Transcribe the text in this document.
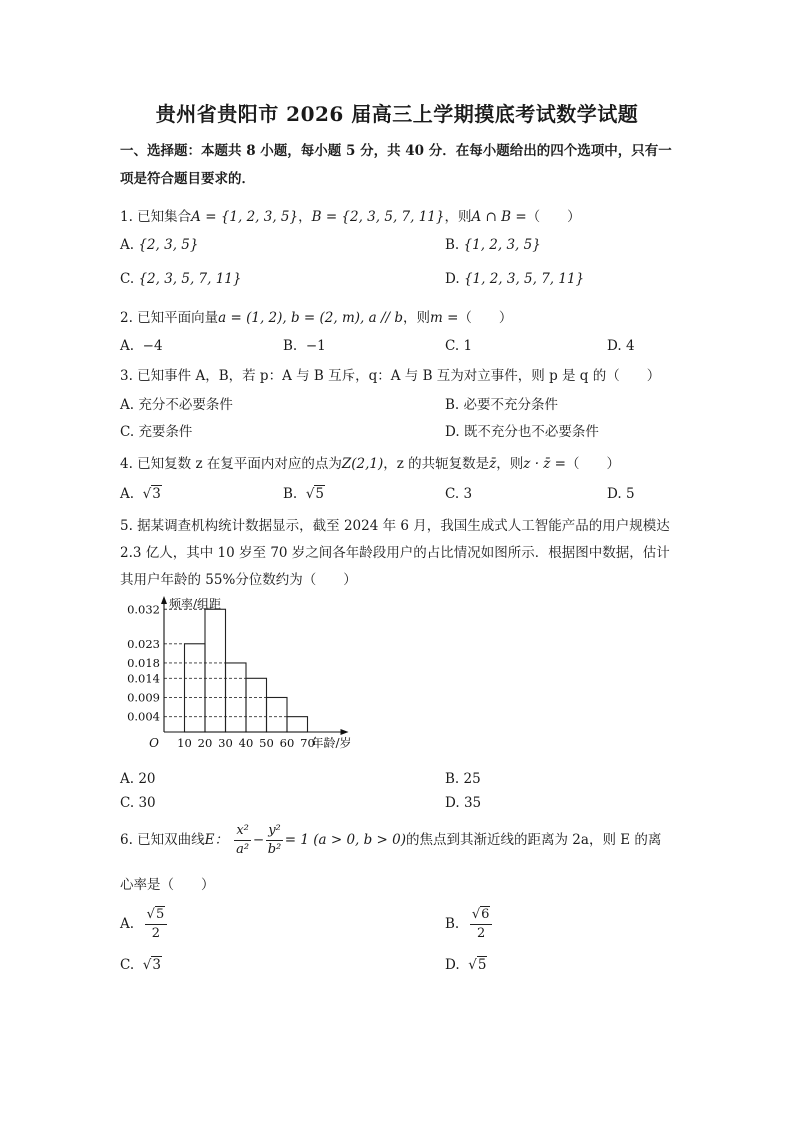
贵州省贵阳市 2026 届高三上学期摸底考试数学试题
一、选择题：本题共 8 小题，每小题 5 分，共 40 分．在每小题给出的四个选项中，只有一
项是符合题目要求的．
1. 已知集合A = {1, 2, 3, 5}，B = {2, 3, 5, 7, 11}，则A ∩ B =（　　）
A. {2, 3, 5}	B. {1, 2, 3, 5}
C. {2, 3, 5, 7, 11}	D. {1, 2, 3, 5, 7, 11}
2. 已知平面向量a = (1, 2), b = (2, m), a // b，则m =（　　）
A. −4	B. −1	C. 1	D. 4
3. 已知事件 A，B，若 p：A 与 B 互斥，q：A 与 B 互为对立事件，则 p 是 q 的（　　）
A. 充分不必要条件	B. 必要不充分条件
C. 充要条件	D. 既不充分也不必要条件
4. 已知复数 z 在复平面内对应的点为Z(2,1)，z 的共轭复数是z̄，则z · z̄ =（　　）
A. √3	B. √5	C. 3	D. 5
5. 据某调查机构统计数据显示，截至 2024 年 6 月，我国生成式人工智能产品的用户规模达
2.3 亿人，其中 10 岁至 70 岁之间各年龄段用户的占比情况如图所示．根据图中数据，估计
其用户年龄的 55%分位数约为（　　）
0.004
0.009
0.014
0.018
0.023
0.032
10 20 30 40 50 60 70
频率/组距
年龄/岁
O
A. 20	B. 25
C. 30	D. 35
6. 已知双曲线E： $\frac{\text{x²}}{\text{a²}} - \frac{\text{y²}}{\text{b²}} = 1$ (a > 0, b > 0)的焦点到其渐近线的距离为 2a，则 E 的离
心率是（　　）
A. $\frac{√5}{2}$	B. $\frac{√6}{2}$
C. √3	D. √5
